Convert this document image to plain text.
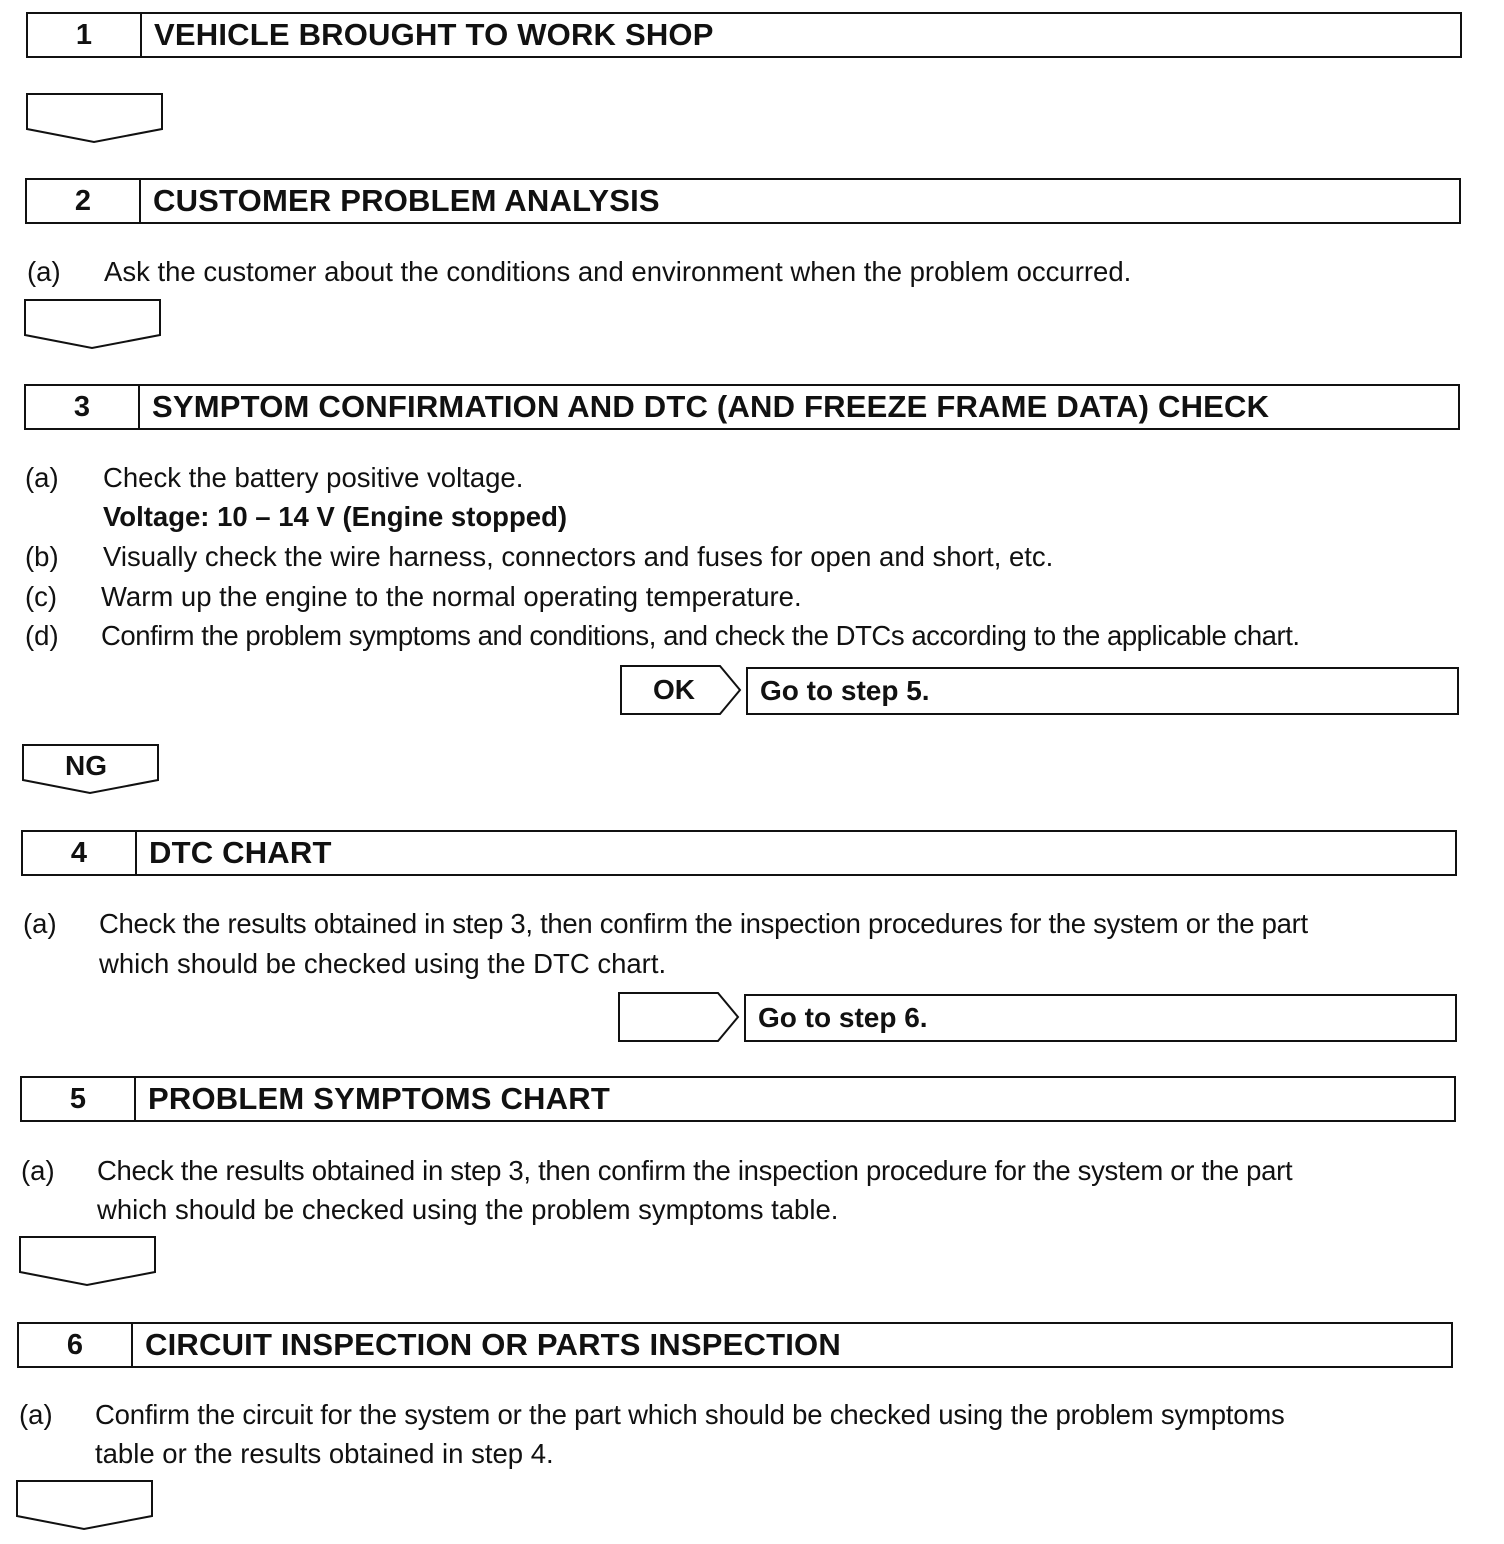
1	VEHICLE BROUGHT TO WORK SHOP
2	CUSTOMER PROBLEM ANALYSIS
(a) Ask the customer about the conditions and environment when the problem occurred.
3	SYMPTOM CONFIRMATION AND DTC (AND FREEZE FRAME DATA) CHECK
(a) Check the battery positive voltage.
Voltage: 10 – 14 V (Engine stopped)
(b) Visually check the wire harness, connectors and fuses for open and short, etc.
(c) Warm up the engine to the normal operating temperature.
(d) Confirm the problem symptoms and conditions, and check the DTCs according to the applicable chart.
OK	Go to step 5.
NG
4	DTC CHART
(a) Check the results obtained in step 3, then confirm the inspection procedures for the system or the part
which should be checked using the DTC chart.
Go to step 6.
5	PROBLEM SYMPTOMS CHART
(a) Check the results obtained in step 3, then confirm the inspection procedure for the system or the part
which should be checked using the problem symptoms table.
6	CIRCUIT INSPECTION OR PARTS INSPECTION
(a) Confirm the circuit for the system or the part which should be checked using the problem symptoms
table or the results obtained in step 4.
